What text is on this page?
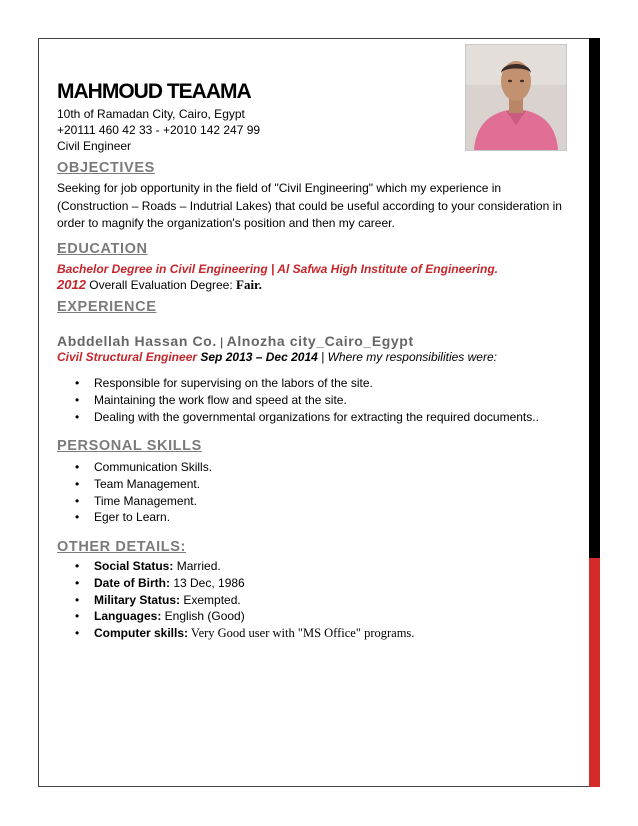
MAHMOUD TEAAMA
10th of Ramadan City, Cairo, Egypt
+20111 460 42 33 - +2010 142 247 99
Civil Engineer
OBJECTIVES
Seeking for job opportunity in the field of "Civil Engineering" which my experience in (Construction – Roads – Indutrial Lakes) that could be useful according to your consideration in order to magnify the organization's position and then my career.
EDUCATION
Bachelor Degree in Civil Engineering | Al Safwa High Institute of Engineering.
2012 Overall Evaluation Degree: Fair.
EXPERIENCE
Abddellah Hassan Co. | Alnozha city_Cairo_Egypt
Civil Structural Engineer Sep 2013 – Dec 2014 | Where my responsibilities were:
• Responsible for supervising on the labors of the site.
• Maintaining the work flow and speed at the site.
• Dealing with the governmental organizations for extracting the required documents..
PERSONAL SKILLS
• Communication Skills.
• Team Management.
• Time Management.
• Eger to Learn.
OTHER DETAILS:
• Social Status: Married.
• Date of Birth: 13 Dec, 1986
• Military Status: Exempted.
• Languages: English (Good)
• Computer skills: Very Good user with "MS Office" programs.
